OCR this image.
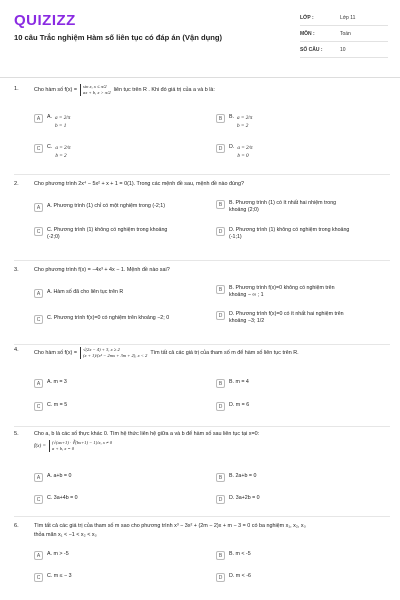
QUIZIZZ
10 câu Trắc nghiệm Hàm số liên tục có đáp án (Vận dụng)
LỚP :	Lớp 11
MÔN :	Toán
SỐ CÂU :	10
1.	Cho hàm số f(x) =
sin x, x ≤ π/2
ax + b, x > π/2 liên tục trên R . Khi đó giá trị của a và b là:
A	A. a = 2/π
b = 1
B	B. a = 2/π
b = 2
C	C. a = 2/π
b = 2
D	D. a = 2/π
b = 0
2.	Cho phương trình 2x⁴ − 5x² + x + 1 = 0(1). Trong các mệnh đề sau, mệnh đề nào đúng?
A	A. Phương trình (1) chỉ có một nghiệm trong (-2;1)	B	B. Phương trình (1) có ít nhất hai nhiệm trong
khoảng (2;0)
C	C. Phương trình (1) không có nghiệm trong khoảng
(-2;0)
D	D. Phương trình (1) không có nghiệm trong khoảng
(-1;1)
3.	Cho phương trình f(x) = −4x³ + 4x − 1. Mệnh đề nào sai?
A	A. Hàm số đã cho liên tục trên R	B	B. Phương trình f(x)=0 không có nghiệm trên
khoảng − ∞ ; 1
C	C. Phương trình f(x)=0 có nghiệm trên khoảng −2; 0	D	D. Phương trình f(x)=0 có ít nhất hai nghiệm trên
khoảng −3; 1/2
4.	Cho hàm số f(x) =
√(2x − 4) + 3, x ≥ 2
(x + 1)/(x² − 2mx + 3m + 2), x < 2 Tìm tất cả các giá trị của tham số m để hàm số liên tục trên R.
A	A. m = 3	B	B. m = 4
C	C. m = 5	D	D. m = 6
5.	Cho a, b là các số thực khác 0. Tìm hệ thức liên hệ giữa a và b để hàm số sau liên tục tại x=0:
f(x) =
(√(ax+1) · ∛(bx+1) − 1)/x, x ≠ 0
a + b, x = 0
A	A. a+b = 0	B	B. 2a+b = 0
C	C. 3a+4b = 0	D	D. 3a+2b = 0
6.	Tìm tất cả các giá trị của tham số m sao cho phương trình x³ − 3x² + (2m − 2)x + m − 3 = 0 có ba nghiệm x₁, x₂, x₃
thỏa mãn x₁ < −1 < x₂ < x₃
A	A. m > -5	B	B. m < -5
C	C. m ≤ − 3	D	D. m < -6
